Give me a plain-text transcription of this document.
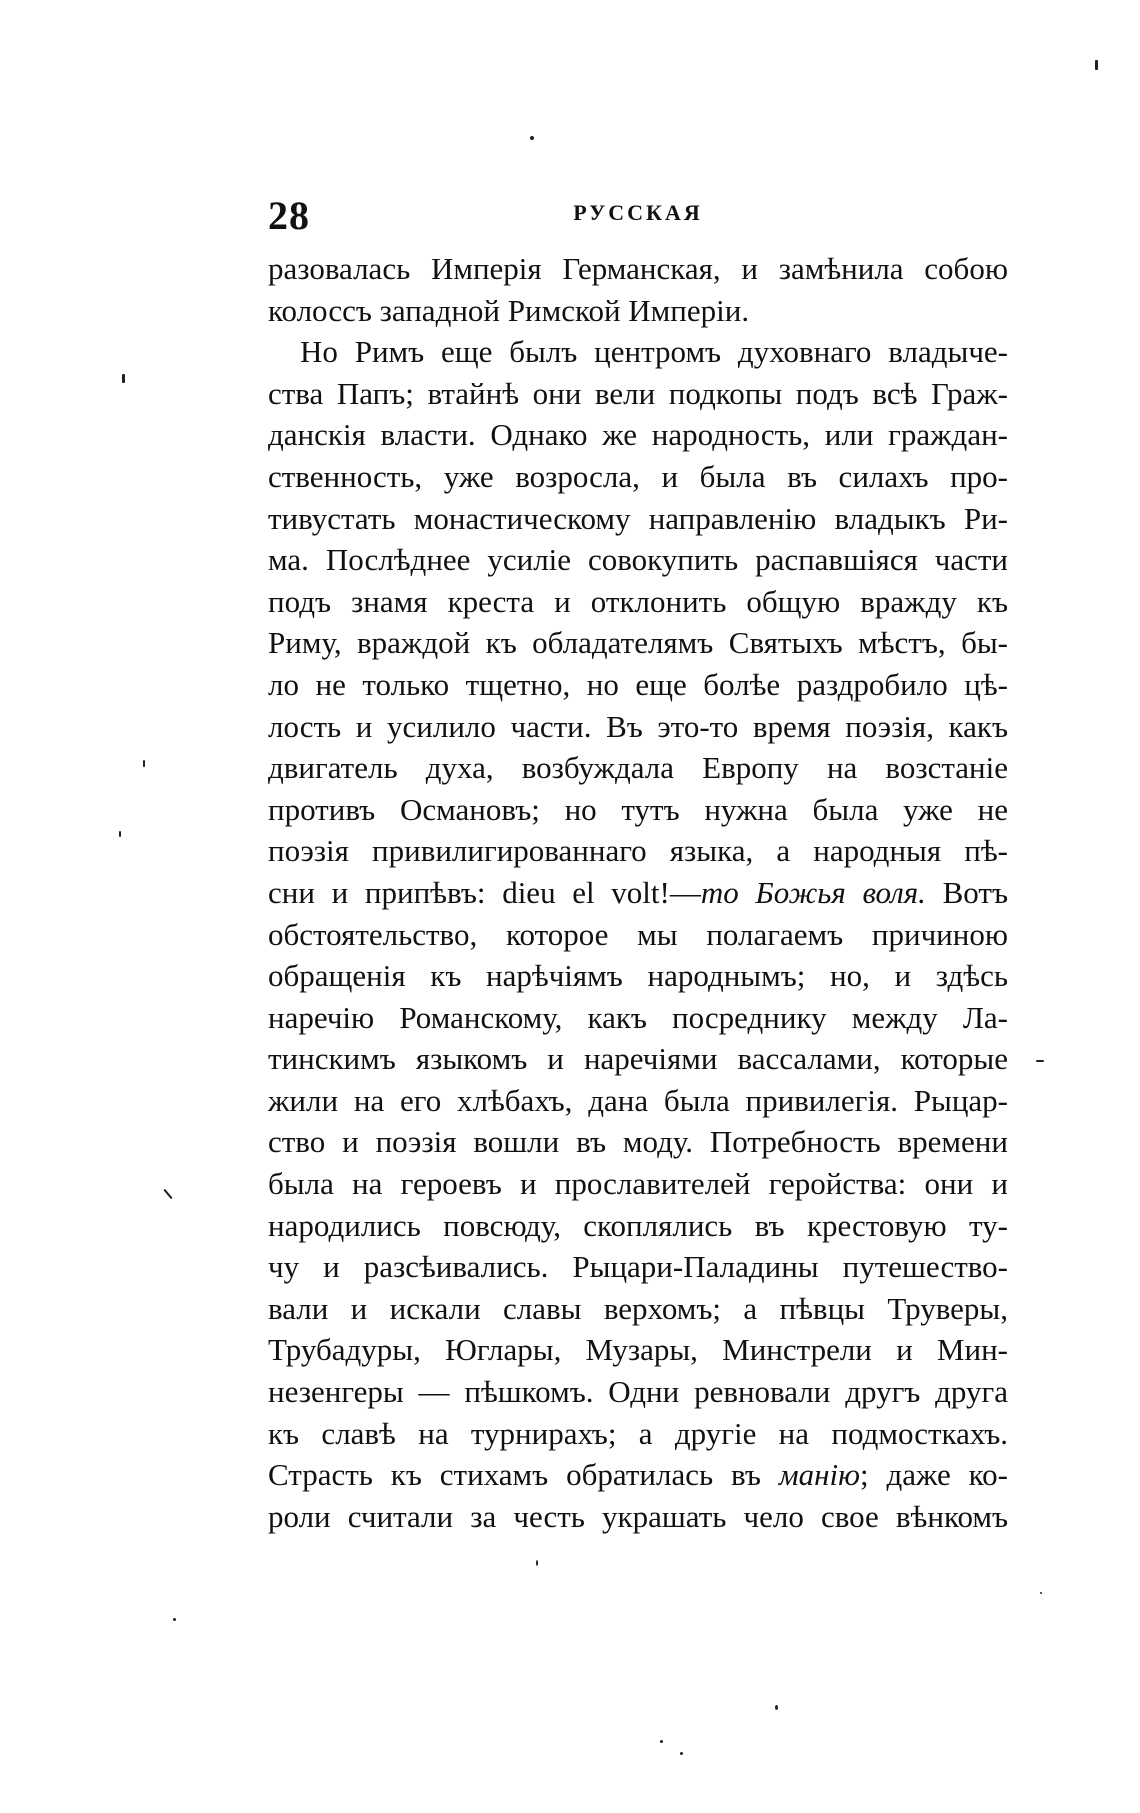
28	РУССКАЯ
разовалась Имперія Германская, и замѣнила собою
колоссъ западной Римской Имперіи.
Но Римъ еще былъ центромъ духовнаго владыче-
ства Папъ; втайнѣ они вели подкопы подъ всѣ Граж-
данскія власти. Однако же народность, или граждан-
ственность, уже возросла, и была въ силахъ про-
тивустать монастическому направленію владыкъ Ри-
ма. Послѣднее усиліе совокупить распавшіяся части
подъ знамя креста и отклонить общую вражду къ
Риму, враждой къ обладателямъ Святыхъ мѣстъ, бы-
ло не только тщетно, но еще болѣе раздробило цѣ-
лость и усилило части. Въ это-то время поэзія, какъ
двигатель духа, возбуждала Европу на возстаніе
противъ Османовъ; но тутъ нужна была уже не
поэзія привилигированнаго языка, а народныя пѣ-
сни и припѣвъ: dieu el volt!—то Божья воля. Вотъ
обстоятельство, которое мы полагаемъ причиною
обращенія къ нарѣчіямъ народнымъ; но, и здѣсь
наречію Романскому, какъ посреднику между Ла-
тинскимъ языкомъ и наречіями вассалами, которые
жили на его хлѣбахъ, дана была привилегія. Рыцар-
ство и поэзія вошли въ моду. Потребность времени
была на героевъ и прославителей геройства: они и
народились повсюду, скоплялись въ крестовую ту-
чу и разсѣивались. Рыцари-Паладины путешество-
вали и искали славы верхомъ; а пѣвцы Труверы,
Трубадуры, Юглары, Музары, Минстрели и Мин-
незенгеры — пѣшкомъ. Одни ревновали другъ друга
къ славѣ на турнирахъ; а другіе на подмосткахъ.
Страсть къ стихамъ обратилась въ манію; даже ко-
роли считали за честь украшать чело свое вѣнкомъ
